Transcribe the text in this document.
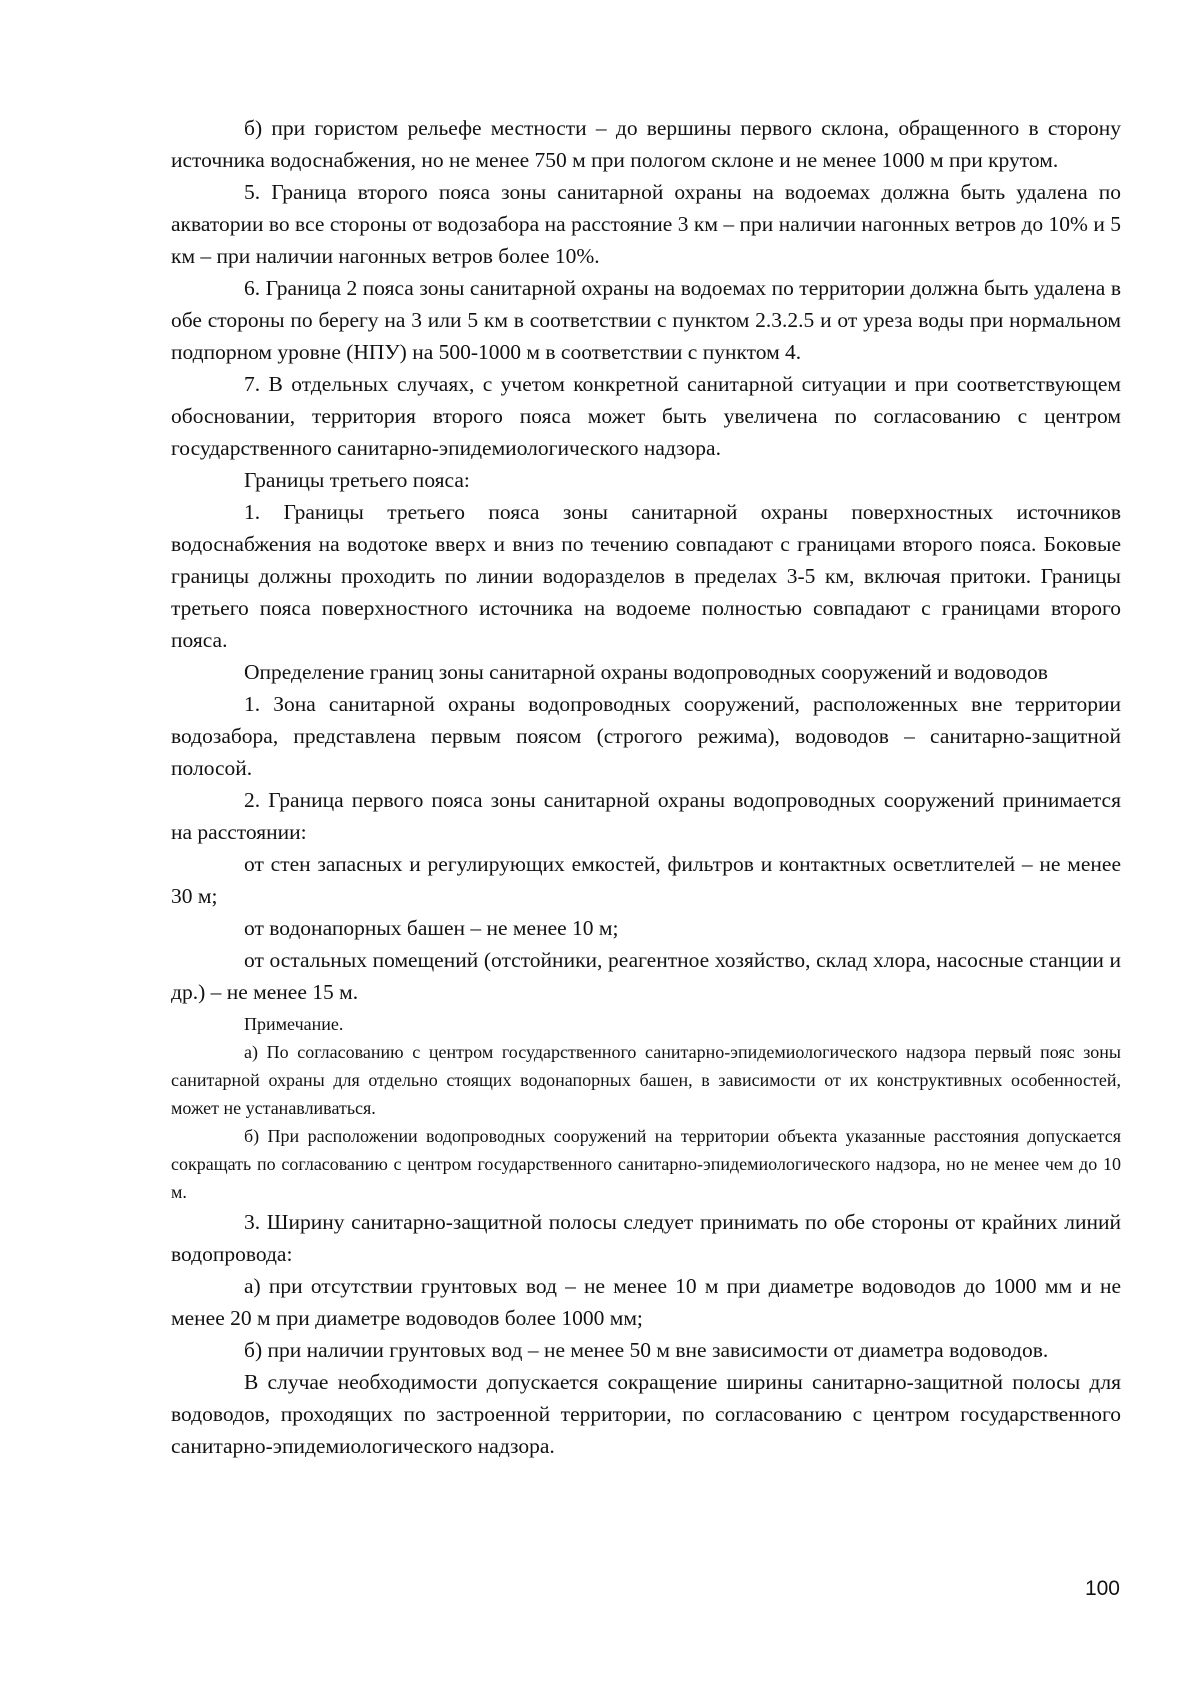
б) при гористом рельефе местности – до вершины первого склона, обращенного в сторону источника водоснабжения, но не менее 750 м при пологом склоне и не менее 1000 м при крутом.

5. Граница второго пояса зоны санитарной охраны на водоемах должна быть удалена по акватории во все стороны от водозабора на расстояние 3 км – при наличии нагонных ветров до 10% и 5 км – при наличии нагонных ветров более 10%.

6. Граница 2 пояса зоны санитарной охраны на водоемах по территории должна быть удалена в обе стороны по берегу на 3 или 5 км в соответствии с пунктом 2.3.2.5 и от уреза воды при нормальном подпорном уровне (НПУ) на 500-1000 м в соответствии с пунктом 4.

7. В отдельных случаях, с учетом конкретной санитарной ситуации и при соответствующем обосновании, территория второго пояса может быть увеличена по согласованию с центром государственного санитарно-эпидемиологического надзора.

Границы третьего пояса:

1. Границы третьего пояса зоны санитарной охраны поверхностных источников водоснабжения на водотоке вверх и вниз по течению совпадают с границами второго пояса. Боковые границы должны проходить по линии водоразделов в пределах 3-5 км, включая притоки. Границы третьего пояса поверхностного источника на водоеме полностью совпадают с границами второго пояса.

Определение границ зоны санитарной охраны водопроводных сооружений и водоводов

1. Зона санитарной охраны водопроводных сооружений, расположенных вне территории водозабора, представлена первым поясом (строгого режима), водоводов – санитарно-защитной полосой.

2. Граница первого пояса зоны санитарной охраны водопроводных сооружений принимается на расстоянии:

от стен запасных и регулирующих емкостей, фильтров и контактных осветлителей – не менее 30 м;

от водонапорных башен – не менее 10 м;

от остальных помещений (отстойники, реагентное хозяйство, склад хлора, насосные станции и др.) – не менее 15 м.

Примечание.

а) По согласованию с центром государственного санитарно-эпидемиологического надзора первый пояс зоны санитарной охраны для отдельно стоящих водонапорных башен, в зависимости от их конструктивных особенностей, может не устанавливаться.

б) При расположении водопроводных сооружений на территории объекта указанные расстояния допускается сокращать по согласованию с центром государственного санитарно-эпидемиологического надзора, но не менее чем до 10 м.

3. Ширину санитарно-защитной полосы следует принимать по обе стороны от крайних линий водопровода:

а) при отсутствии грунтовых вод – не менее 10 м при диаметре водоводов до 1000 мм и не менее 20 м при диаметре водоводов более 1000 мм;

б) при наличии грунтовых вод – не менее 50 м вне зависимости от диаметра водоводов.

В случае необходимости допускается сокращение ширины санитарно-защитной полосы для водоводов, проходящих по застроенной территории, по согласованию с центром государственного санитарно-эпидемиологического надзора.

100
